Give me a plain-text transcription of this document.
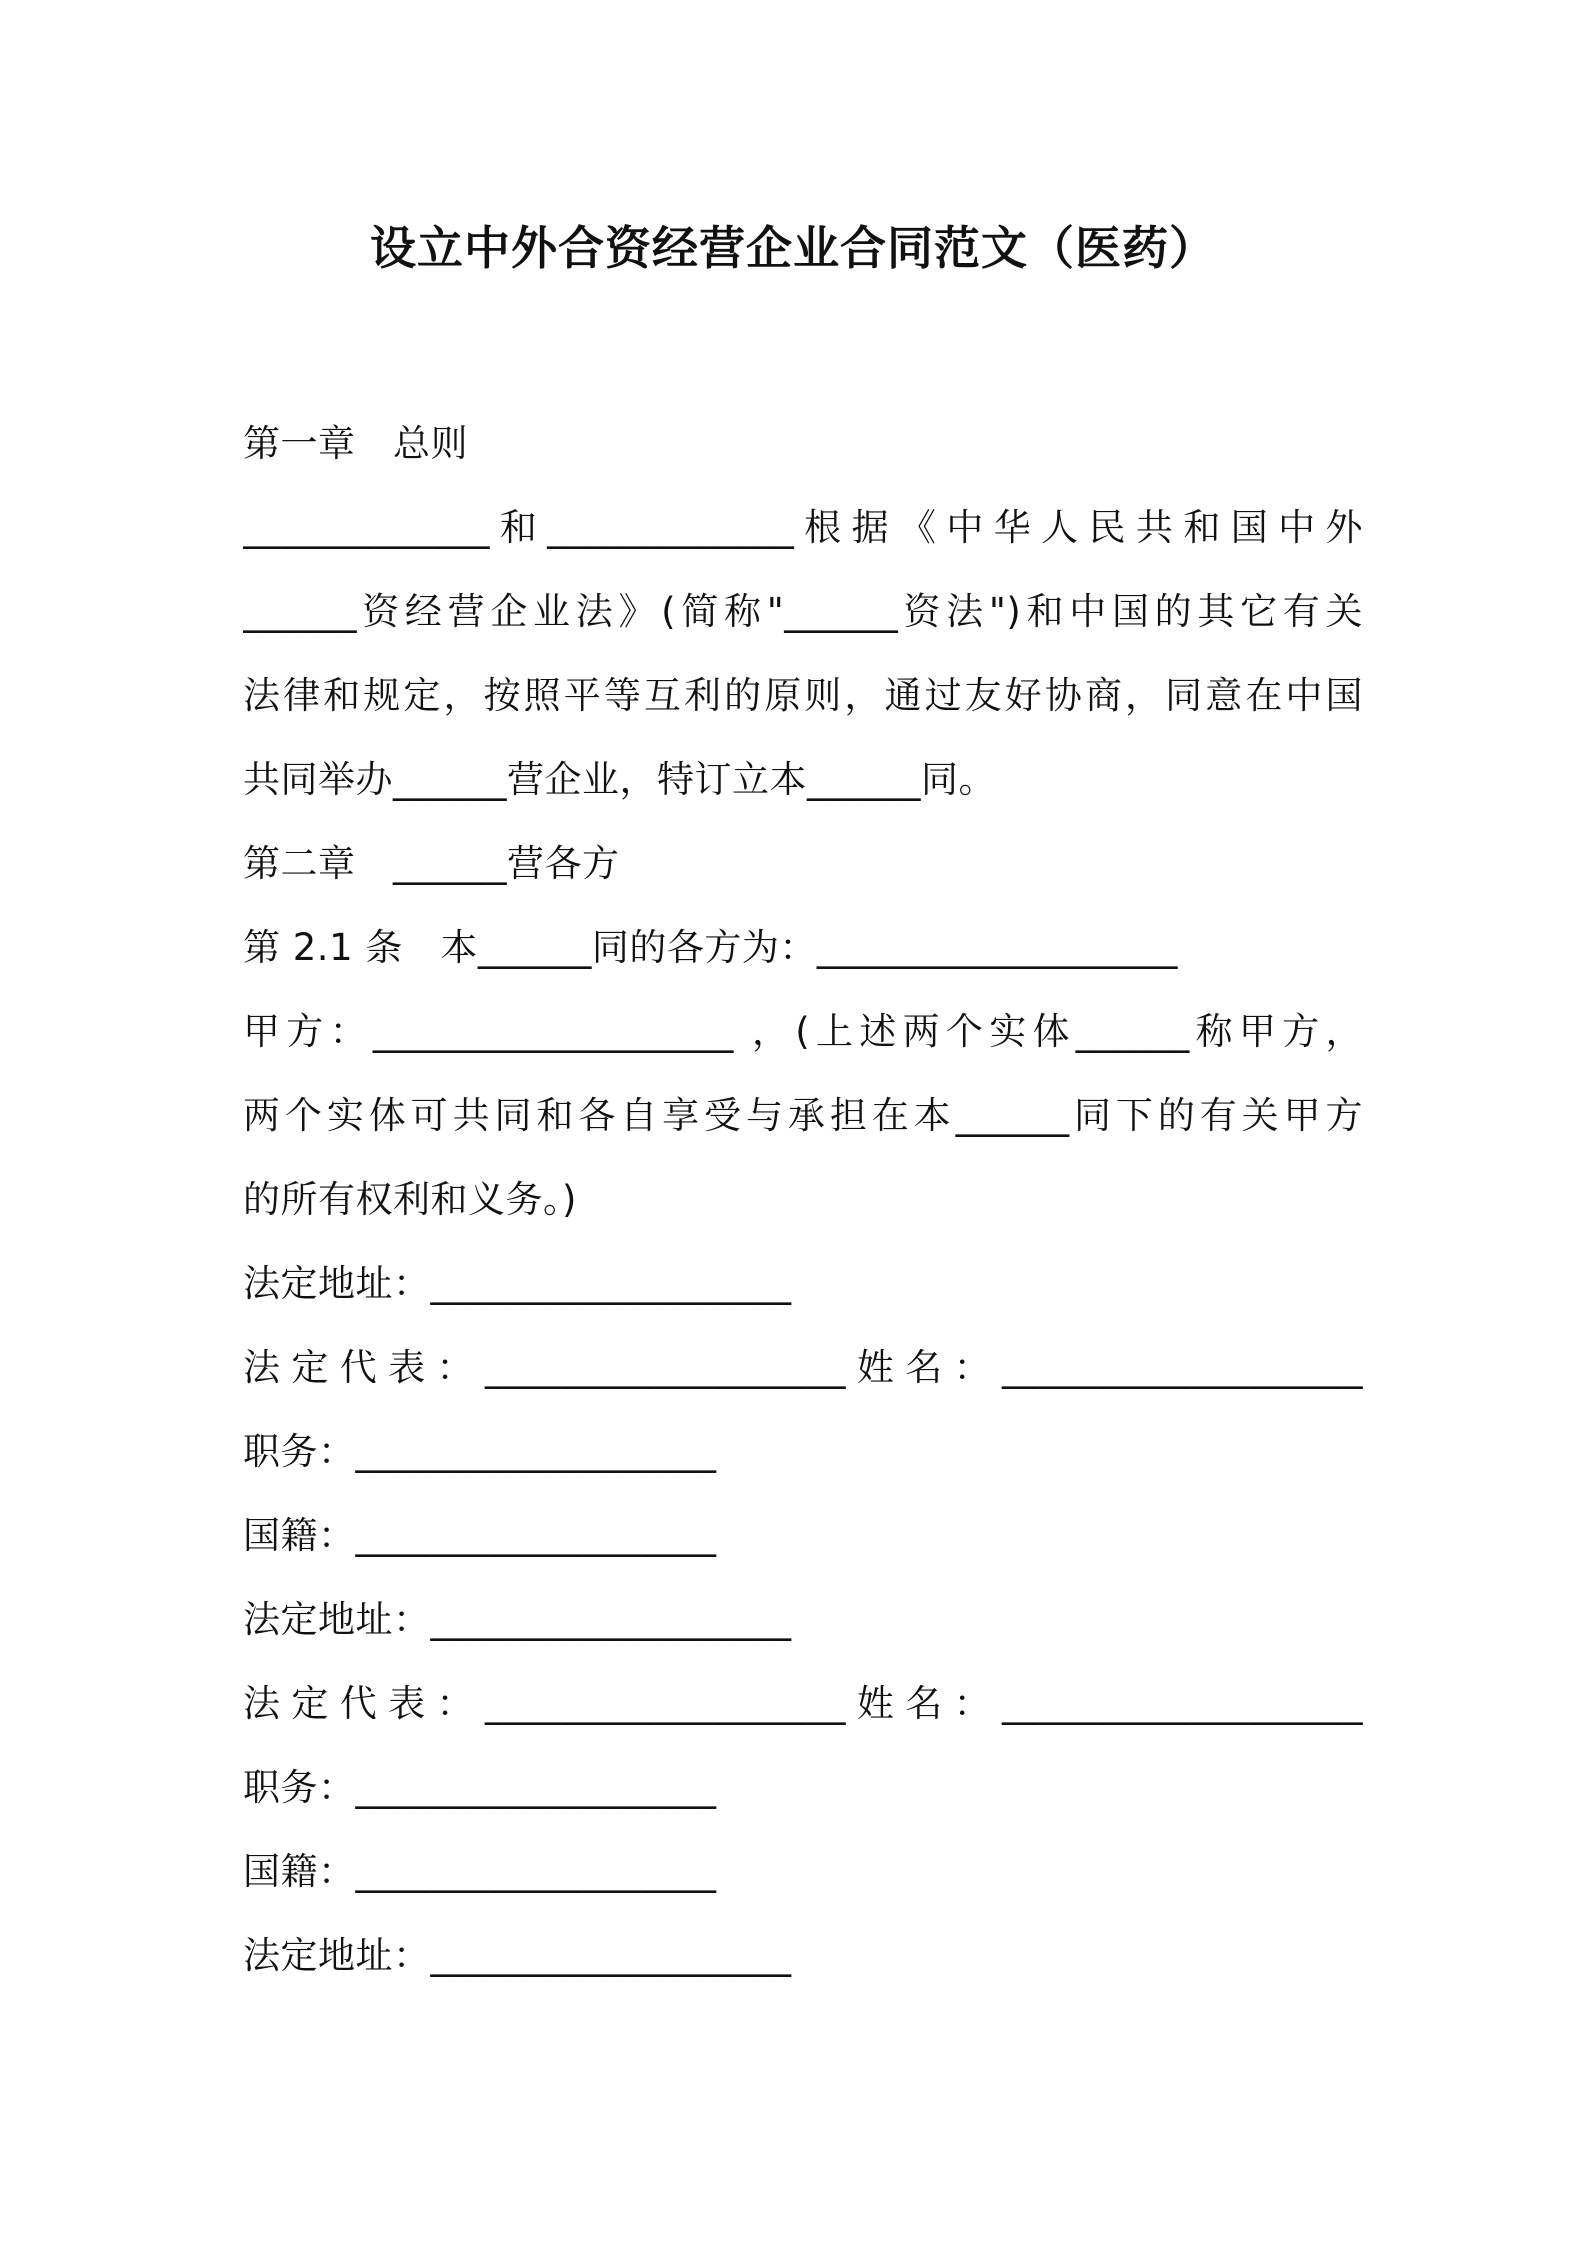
设立中外合资经营企业合同范文（医药）
第一章　总则
_____________和_____________根据《中华人民共和国中外
______资经营企业法》(简称"______资法")和中国的其它有关
法律和规定，按照平等互利的原则，通过友好协商，同意在中国
共同举办______营企业，特订立本______同。
第二章　______营各方
第 2.1 条　本______同的各方为：___________________
甲方：___________________ ，(上述两个实体______称甲方，
两个实体可共同和各自享受与承担在本______同下的有关甲方
的所有权利和义务。)
法定地址：___________________
法定代表：___________________姓名：___________________
职务：___________________
国籍：___________________
法定地址：___________________
法定代表：___________________姓名：___________________
职务：___________________
国籍：___________________
法定地址：___________________
